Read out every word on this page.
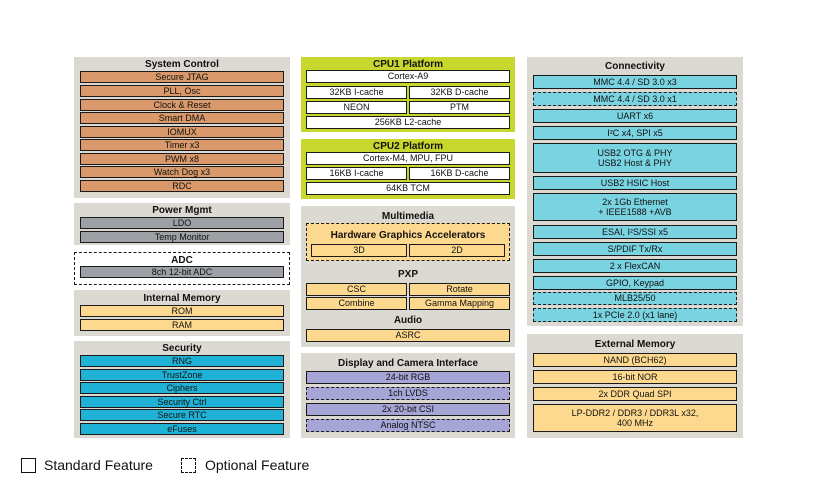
System Control
Secure JTAG
PLL, Osc
Clock & Reset
Smart DMA
IOMUX
Timer x3
PWM x8
Watch Dog x3
RDC
Power Mgmt
LDO
Temp Monitor
ADC
8ch 12-bit ADC
Internal Memory
ROM
RAM
Security
RNG
TrustZone
Ciphers
Security Ctrl
Secure RTC
eFuses
CPU1 Platform
Cortex-A9
32KB I-cache	32KB D-cache
NEON	PTM
256KB L2-cache
CPU2 Platform
Cortex-M4, MPU, FPU
16KB I-cache	16KB D-cache
64KB TCM
Multimedia
Hardware Graphics Accelerators
3D	2D
PXP
CSC	Rotate
Combine	Gamma Mapping
Audio
ASRC
Display and Camera Interface
24-bit RGB
1ch LVDS
2x 20-bit CSI
Analog NTSC
Connectivity
MMC 4.4 / SD 3.0 x3
MMC 4.4 / SD 3.0 x1
UART x6
I²C x4, SPI x5
USB2 OTG & PHY
USB2 Host & PHY
USB2 HSIC Host
2x 1Gb Ethernet
+ IEEE1588 +AVB
ESAI, I²S/SSI x5
S/PDIF Tx/Rx
2 x FlexCAN
GPIO, Keypad
MLB25/50
1x PCIe 2.0 (x1 lane)
External Memory
NAND (BCH62)
16-bit NOR
2x DDR Quad SPI
LP-DDR2 / DDR3 / DDR3L x32,
400 MHz
Standard Feature	Optional Feature
